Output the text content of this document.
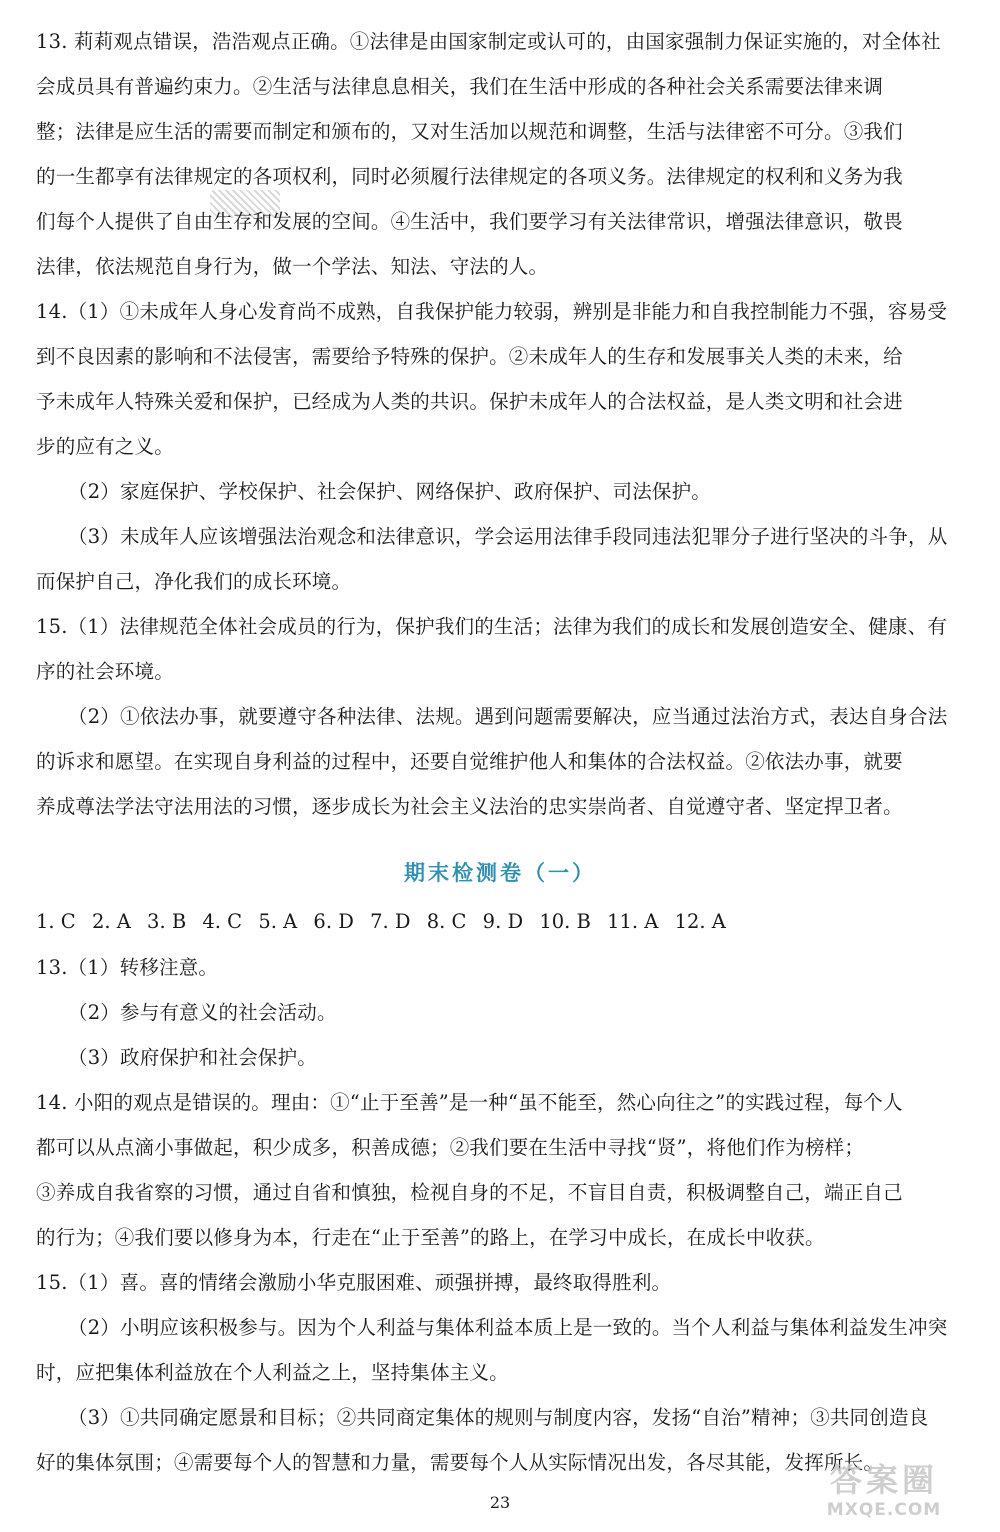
13. 莉莉观点错误，浩浩观点正确。①法律是由国家制定或认可的，由国家强制力保证实施的，对全体社
会成员具有普遍约束力。②生活与法律息息相关，我们在生活中形成的各种社会关系需要法律来调
整；法律是应生活的需要而制定和颁布的，又对生活加以规范和调整，生活与法律密不可分。③我们
的一生都享有法律规定的各项权利，同时必须履行法律规定的各项义务。法律规定的权利和义务为我
们每个人提供了自由生存和发展的空间。④生活中，我们要学习有关法律常识，增强法律意识，敬畏
法律，依法规范自身行为，做一个学法、知法、守法的人。
14.（1）①未成年人身心发育尚不成熟，自我保护能力较弱，辨别是非能力和自我控制能力不强，容易受
到不良因素的影响和不法侵害，需要给予特殊的保护。②未成年人的生存和发展事关人类的未来，给
予未成年人特殊关爱和保护，已经成为人类的共识。保护未成年人的合法权益，是人类文明和社会进
步的应有之义。
（2）家庭保护、学校保护、社会保护、网络保护、政府保护、司法保护。
（3）未成年人应该增强法治观念和法律意识，学会运用法律手段同违法犯罪分子进行坚决的斗争，从
而保护自己，净化我们的成长环境。
15.（1）法律规范全体社会成员的行为，保护我们的生活；法律为我们的成长和发展创造安全、健康、有
序的社会环境。
（2）①依法办事，就要遵守各种法律、法规。遇到问题需要解决，应当通过法治方式，表达自身合法
的诉求和愿望。在实现自身利益的过程中，还要自觉维护他人和集体的合法权益。②依法办事，就要
养成尊法学法守法用法的习惯，逐步成长为社会主义法治的忠实崇尚者、自觉遵守者、坚定捍卫者。
期末检测卷（一）
1. C 2. A 3. B 4. C 5. A 6. D 7. D 8. C 9. D 10. B 11. A 12. A
13.（1）转移注意。
（2）参与有意义的社会活动。
（3）政府保护和社会保护。
14. 小阳的观点是错误的。理由：①“止于至善”是一种“虽不能至，然心向往之”的实践过程，每个人
都可以从点滴小事做起，积少成多，积善成德；②我们要在生活中寻找“贤”，将他们作为榜样；
③养成自我省察的习惯，通过自省和慎独，检视自身的不足，不盲目自责，积极调整自己，端正自己
的行为；④我们要以修身为本，行走在“止于至善”的路上，在学习中成长，在成长中收获。
15.（1）喜。喜的情绪会激励小华克服困难、顽强拼搏，最终取得胜利。
（2）小明应该积极参与。因为个人利益与集体利益本质上是一致的。当个人利益与集体利益发生冲突
时，应把集体利益放在个人利益之上，坚持集体主义。
（3）①共同确定愿景和目标；②共同商定集体的规则与制度内容，发扬“自治”精神；③共同创造良
好的集体氛围；④需要每个人的智慧和力量，需要每个人从实际情况出发，各尽其能，发挥所长。
23
答案圈
MXQE.COM
